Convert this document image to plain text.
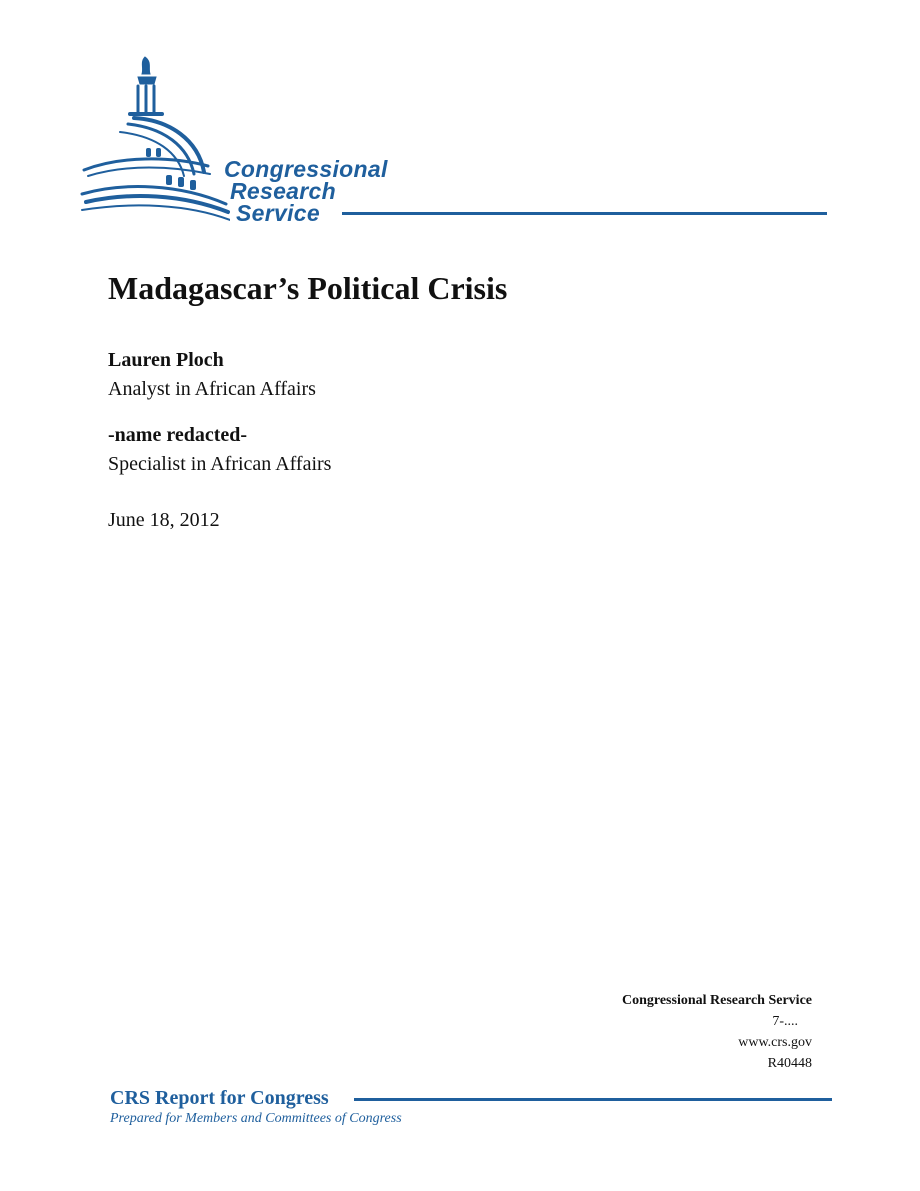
Congressional
Research
Service
Madagascar’s Political Crisis
Lauren Ploch
Analyst in African Affairs
-name redacted-
Specialist in African Affairs
June 18, 2012
Congressional Research Service
7-....
www.crs.gov
R40448
CRS Report for Congress
Prepared for Members and Committees of Congress
